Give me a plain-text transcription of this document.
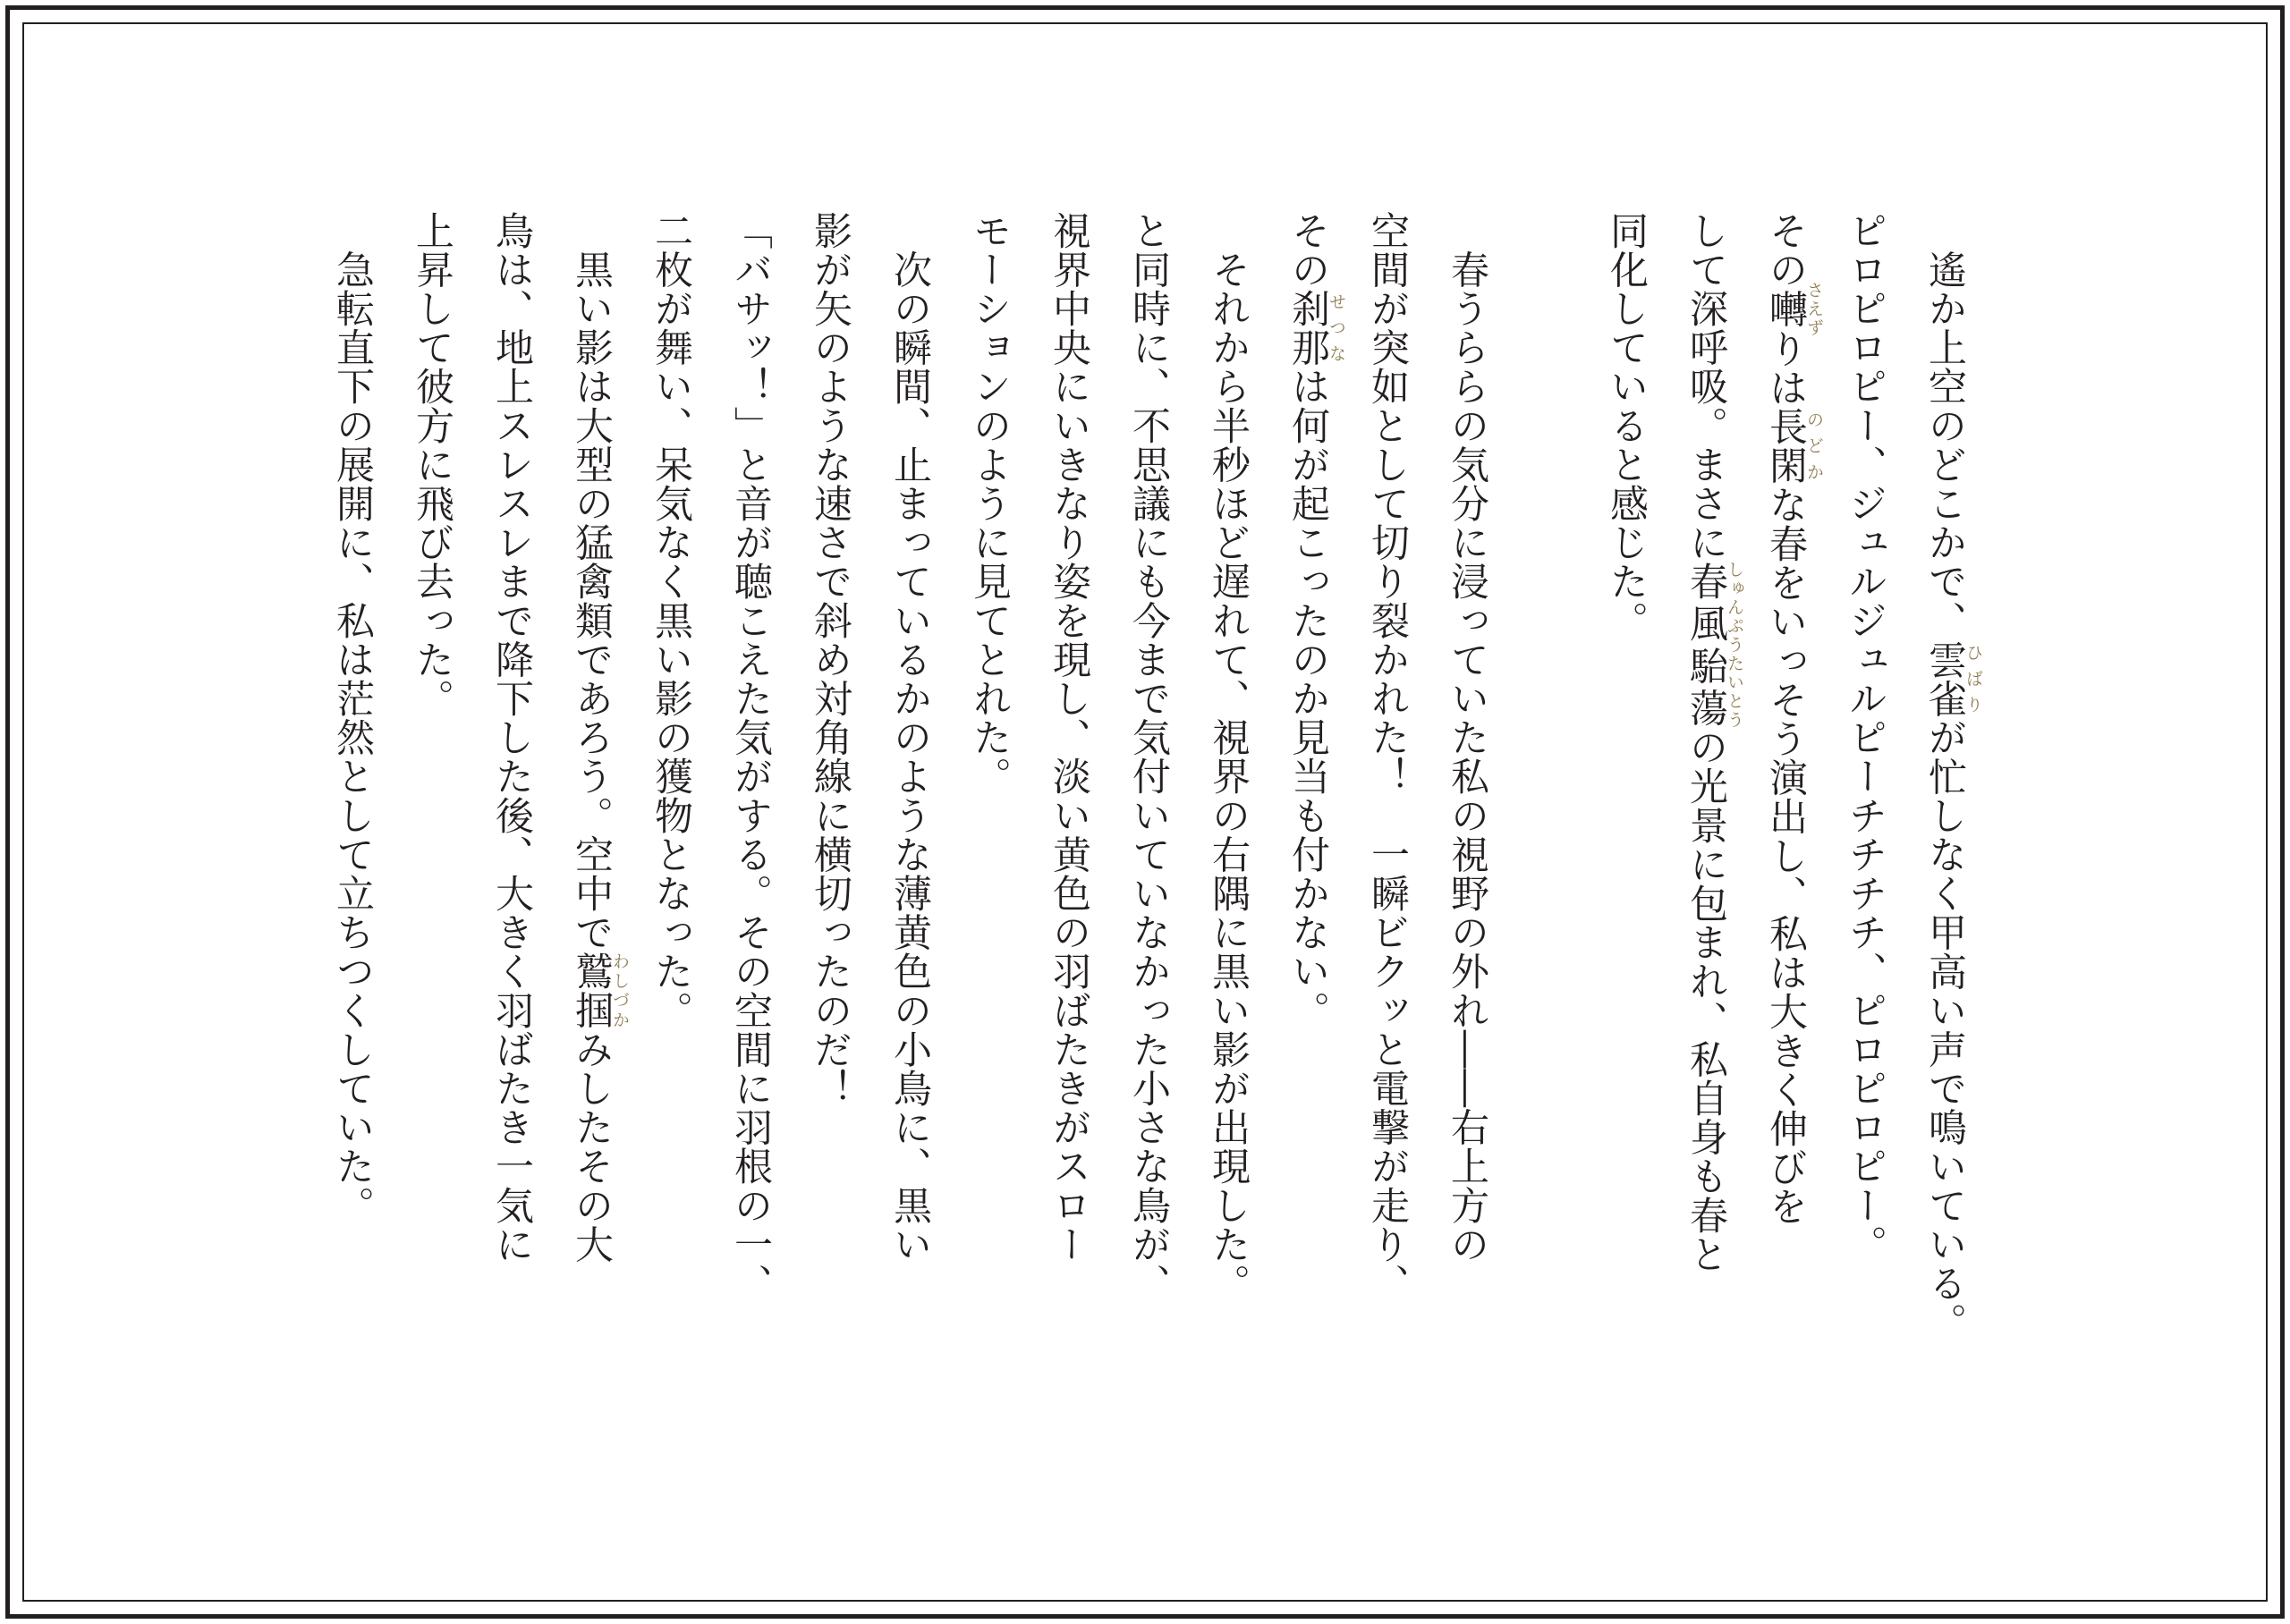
　遙か上空のどこかで、雲雀ひばりが忙しなく甲高い声で鳴いている。
ピロピロピー、ジュルジュルピーチチチチ、ピロピロピー。
その囀さえずりは長閑のどかな春をいっそう演出し、私は大きく伸びを
して深呼吸。まさに春風駘蕩しゅんぷうたいとうの光景に包まれ、私自身も春と
同化していると感じた。

　春うららの気分に浸っていた私の視野の外れ――右上方の
空間が突如として切り裂かれた！　一瞬ビクッと電撃が走り、
その刹那せつなは何が起こったのか見当も付かない。
　それから半秒ほど遅れて、視界の右隅に黒い影が出現した。
と同時に、不思議にも今まで気付いていなかった小さな鳥が、
視界中央にいきなり姿を現し、淡い黄色の羽ばたきがスロー
モーションのように見てとれた。
　次の瞬間、止まっているかのような薄黄色の小鳥に、黒い
影が矢のような速さで斜め対角線に横切ったのだ！
「バサッ！」と音が聴こえた気がする。その空間に羽根の一、
二枚が舞い、呆気なく黒い影の獲物となった。
　黒い影は大型の猛禽類であろう。空中で鷲掴わしづかみしたその大
鳥は、地上スレスレまで降下した後、大きく羽ばたき一気に
上昇して彼方に飛び去った。
　急転直下の展開に、私は茫然として立ちつくしていた。
